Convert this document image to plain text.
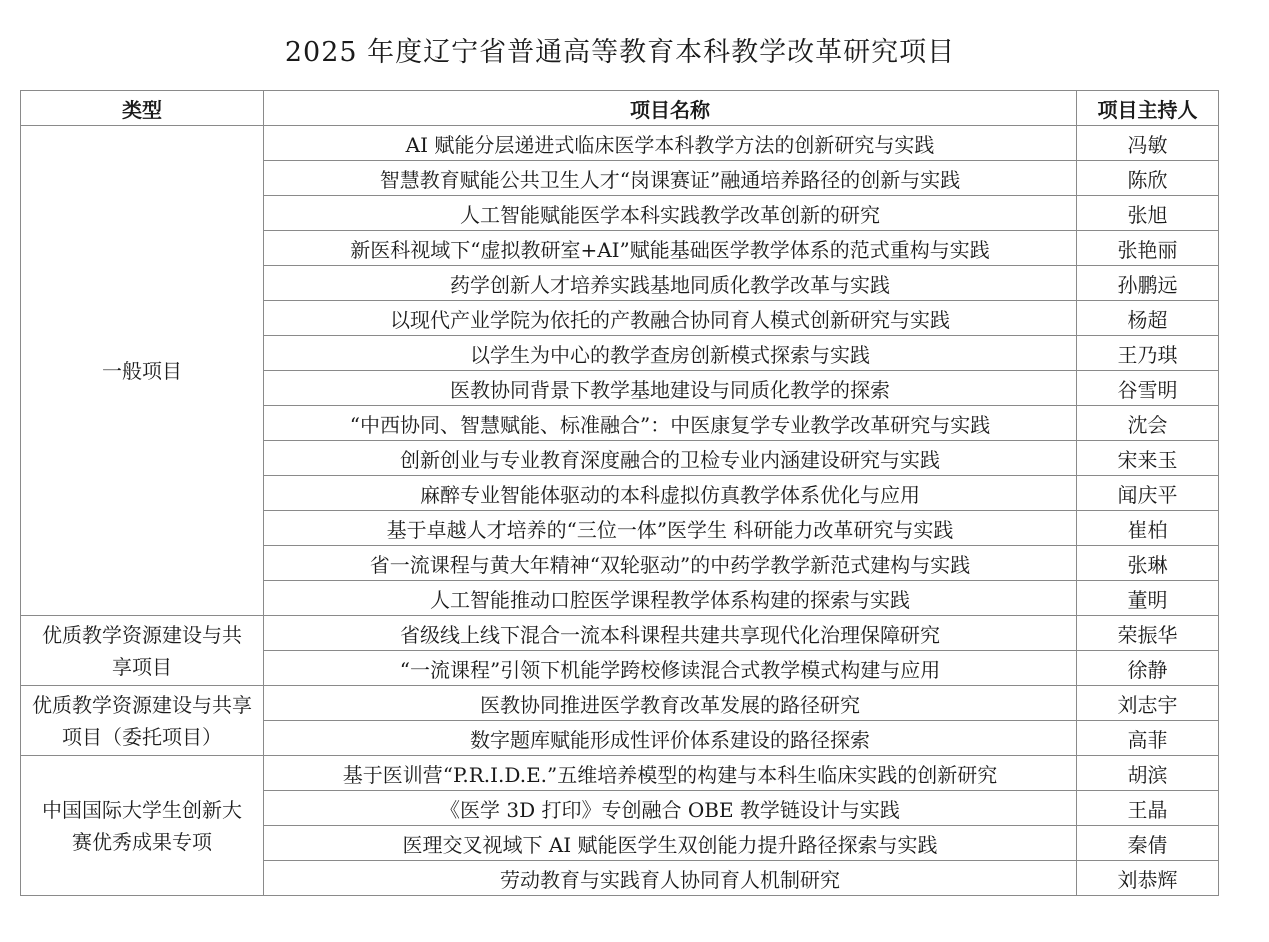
2025 年度辽宁省普通高等教育本科教学改革研究项目
类型	项目名称	项目主持人
一般项目	AI 赋能分层递进式临床医学本科教学方法的创新研究与实践	冯敏
	智慧教育赋能公共卫生人才“岗课赛证”融通培养路径的创新与实践	陈欣
	人工智能赋能医学本科实践教学改革创新的研究	张旭
	新医科视域下“虚拟教研室+AI”赋能基础医学教学体系的范式重构与实践	张艳丽
	药学创新人才培养实践基地同质化教学改革与实践	孙鹏远
	以现代产业学院为依托的产教融合协同育人模式创新研究与实践	杨超
	以学生为中心的教学查房创新模式探索与实践	王乃琪
	医教协同背景下教学基地建设与同质化教学的探索	谷雪明
	“中西协同、智慧赋能、标准融合”：中医康复学专业教学改革研究与实践	沈会
	创新创业与专业教育深度融合的卫检专业内涵建设研究与实践	宋来玉
	麻醉专业智能体驱动的本科虚拟仿真教学体系优化与应用	闻庆平
	基于卓越人才培养的“三位一体”医学生 科研能力改革研究与实践	崔柏
	省一流课程与黄大年精神“双轮驱动”的中药学教学新范式建构与实践	张琳
	人工智能推动口腔医学课程教学体系构建的探索与实践	董明
优质教学资源建设与共享项目	省级线上线下混合一流本科课程共建共享现代化治理保障研究	荣振华
	“一流课程”引领下机能学跨校修读混合式教学模式构建与应用	徐静
优质教学资源建设与共享项目（委托项目）	医教协同推进医学教育改革发展的路径研究	刘志宇
	数字题库赋能形成性评价体系建设的路径探索	高菲
中国国际大学生创新大赛优秀成果专项	基于医训营“P.R.I.D.E.”五维培养模型的构建与本科生临床实践的创新研究	胡滨
	《医学 3D 打印》专创融合 OBE 教学链设计与实践	王晶
	医理交叉视域下 AI 赋能医学生双创能力提升路径探索与实践	秦倩
	劳动教育与实践育人协同育人机制研究	刘恭辉
